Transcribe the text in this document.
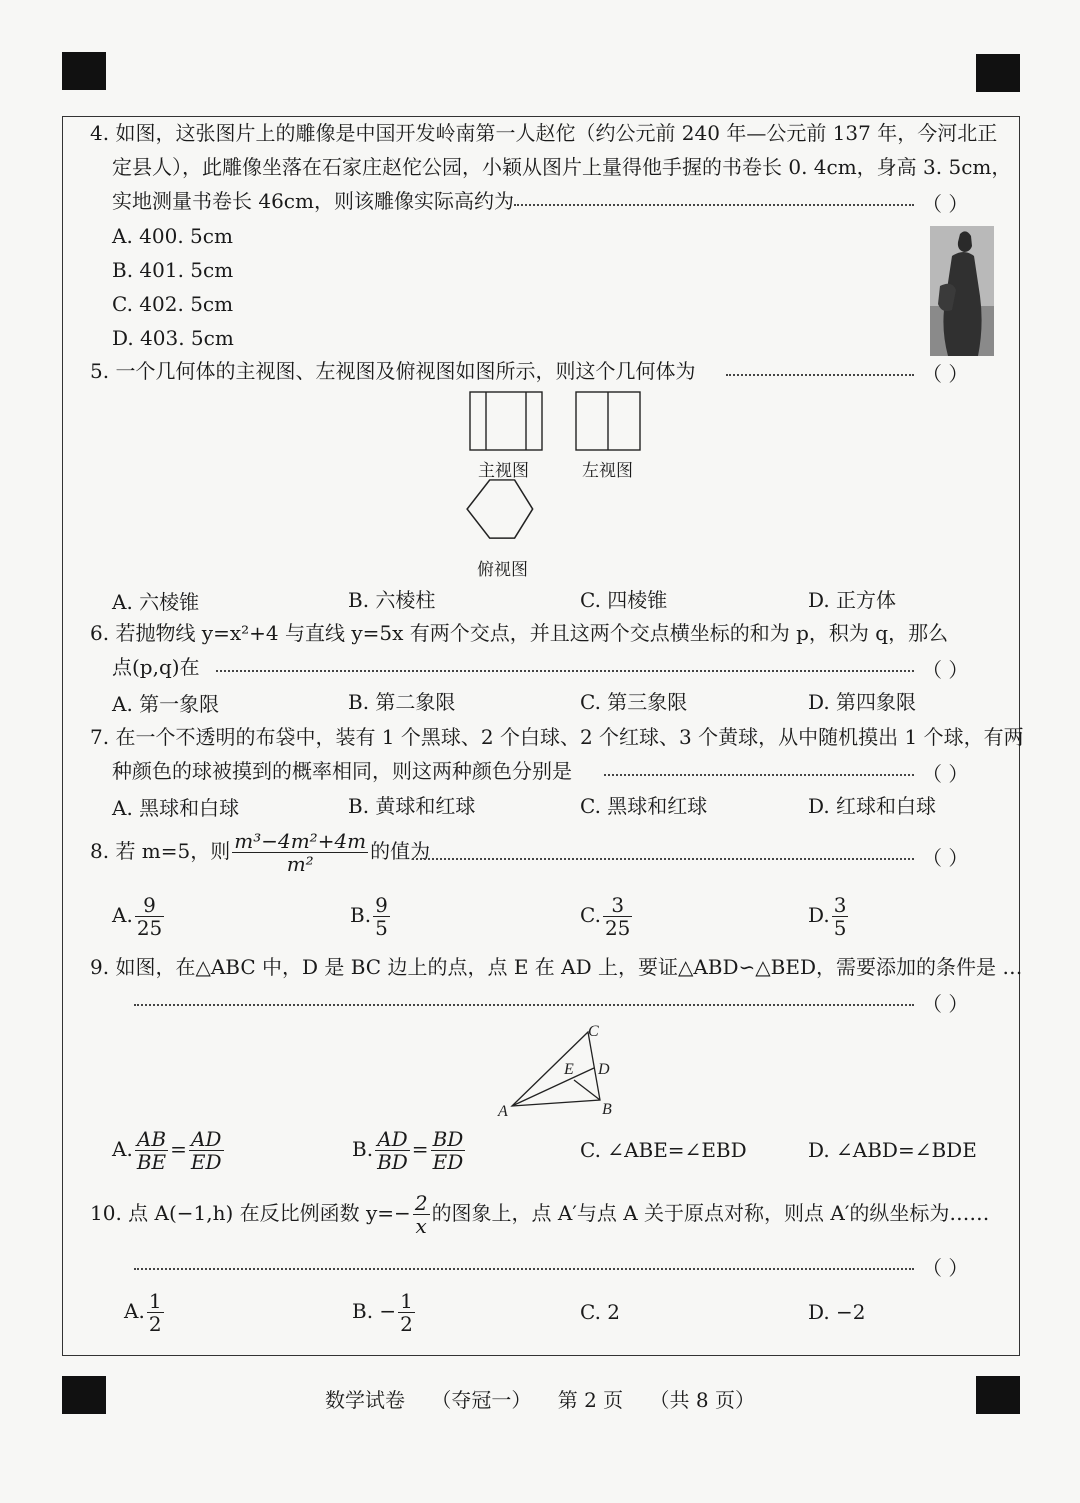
4. 如图，这张图片上的雕像是中国开发岭南第一人赵佗（约公元前 240 年—公元前 137 年，今河北正
定县人），此雕像坐落在石家庄赵佗公园，小颖从图片上量得他手握的书卷长 0. 4cm，身高 3. 5cm，
实地测量书卷长 46cm，则该雕像实际高约为	（ ）
A. 400. 5cm
B. 401. 5cm
C. 402. 5cm
D. 403. 5cm
5. 一个几何体的主视图、左视图及俯视图如图所示，则这个几何体为	（ ）
主视图	左视图
俯视图
A. 六棱锥	B. 六棱柱	C. 四棱锥	D. 正方体
6. 若抛物线 y=x²+4 与直线 y=5x 有两个交点，并且这两个交点横坐标的和为 p，积为 q，那么
点(p,q)在	（ ）
A. 第一象限	B. 第二象限	C. 第三象限	D. 第四象限
7. 在一个不透明的布袋中，装有 1 个黑球、2 个白球、2 个红球、3 个黄球，从中随机摸出 1 个球，有两
种颜色的球被摸到的概率相同，则这两种颜色分别是	（ ）
A. 黑球和白球	B. 黄球和红球	C. 黑球和红球	D. 红球和白球
8. 若 m=5，则 $\frac{\text{m³−4m²+4m}}{\text{m²}}$ 的值为	（ ）
A. $\frac{9}{25}$	B. $\frac{9}{5}$	C. $\frac{3}{25}$	D. $\frac{3}{5}$
9. 如图，在△ABC 中，D 是 BC 边上的点，点 E 在 AD 上，要证△ABD∽△BED，需要添加的条件是 …
（ ）
A	B
C
D
E
A. $\frac{AB}{BE} = \frac{AD}{ED}$	B. $\frac{AD}{BD} = \frac{BD}{ED}$	C. ∠ABE=∠EBD	D. ∠ABD=∠BDE
10. 点 A(−1,h) 在反比例函数 $y=- \frac{2}{x}$ 的图象上，点 A′与点 A 关于原点对称，则点 A′的纵坐标为……
（ ）
A. $\frac{1}{2}$	B. − $\frac{1}{2}$	C. 2	D. −2
数学试卷 （夺冠一） 第 2 页 （共 8 页）
